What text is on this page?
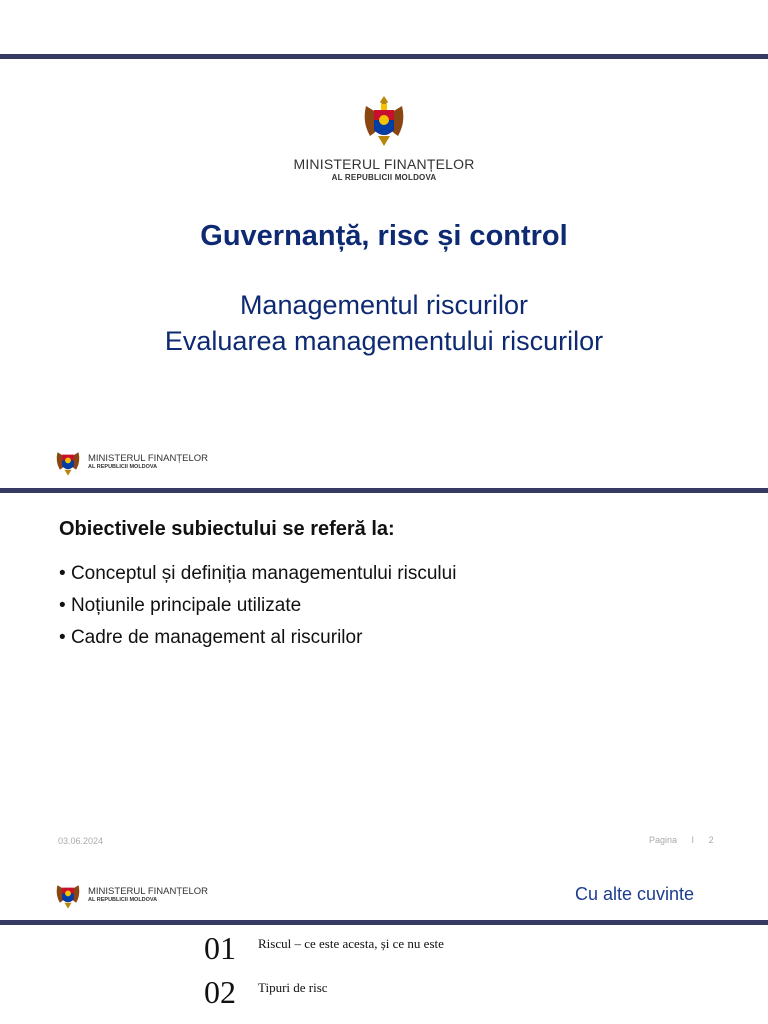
MINISTERUL FINANȚELOR
AL REPUBLICII MOLDOVA
Guvernanță, risc și control
Managementul riscurilor
Evaluarea managementului riscurilor
MINISTERUL FINANȚELOR
AL REPUBLICII MOLDOVA
Obiectivele subiectului se referă la:
• Conceptul și definiția managementului riscului
• Noțiunile principale utilizate
• Cadre de management al riscurilor
03.06.2024	Pagina I 2
MINISTERUL FINANȚELOR
AL REPUBLICII MOLDOVA	Cu alte cuvinte
01	Riscul – ce este acesta, și ce nu este
02	Tipuri de risc
